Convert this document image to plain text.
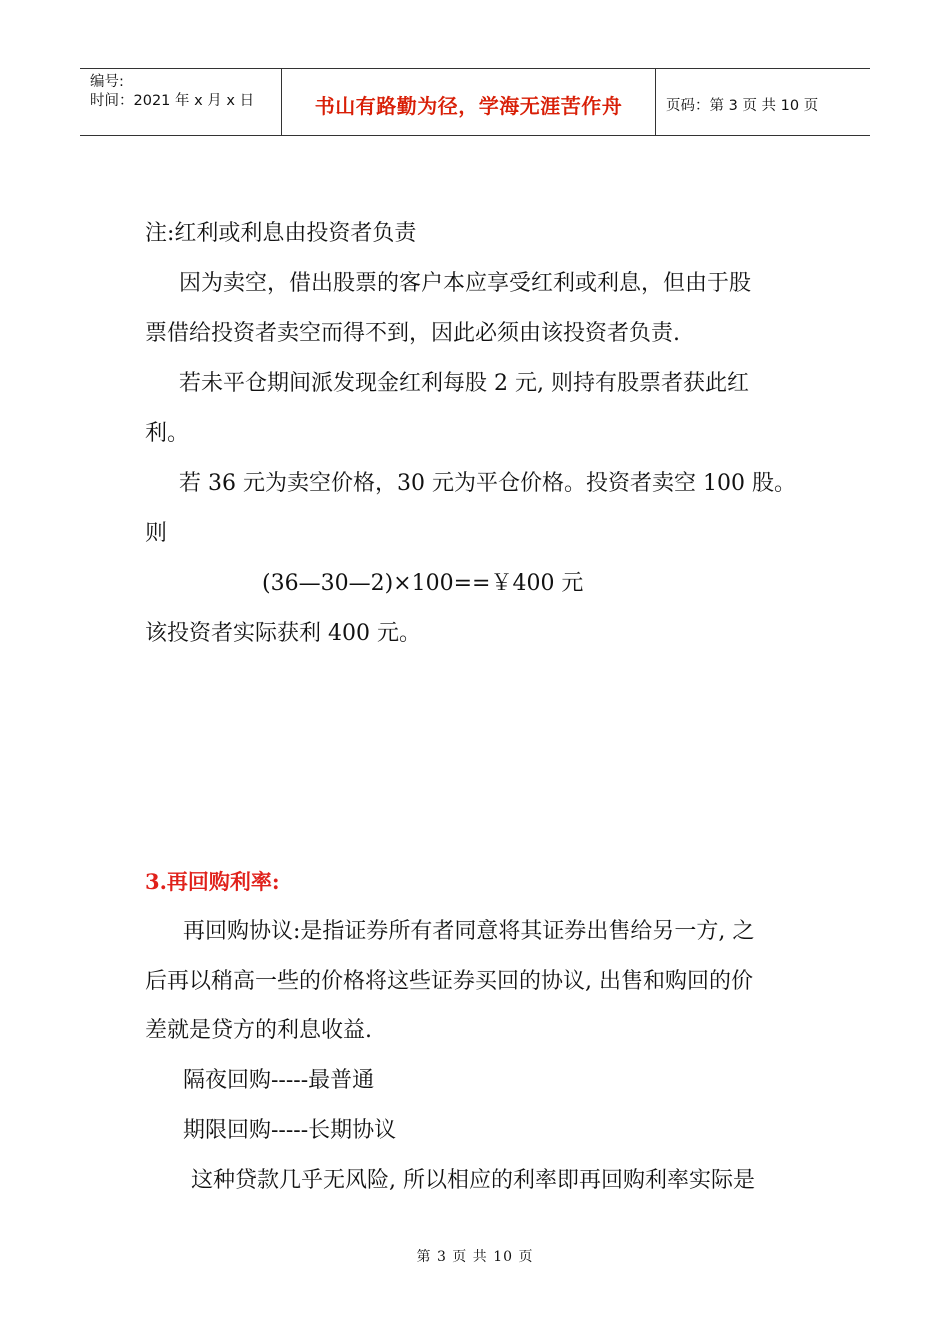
编号:
时间：2021 年 x 月 x 日	书山有路勤为径，学海无涯苦作舟	页码：第 3 页 共 10 页

注:红利或利息由投资者负责

因为卖空，借出股票的客户本应享受红利或利息，但由于股

票借给投资者卖空而得不到，因此必须由该投资者负责.

若未平仓期间派发现金红利每股 2 元, 则持有股票者获此红

利。

若 36 元为卖空价格，30 元为平仓价格。投资者卖空 100 股。

则

(36—30—2)×100==￥400 元

该投资者实际获利 400 元。

3.再回购利率:

再回购协议:是指证券所有者同意将其证券出售给另一方, 之

后再以稍高一些的价格将这些证券买回的协议, 出售和购回的价

差就是贷方的利息收益.

隔夜回购-----最普通

期限回购-----长期协议

这种贷款几乎无风险, 所以相应的利率即再回购利率实际是

第 3 页 共 10 页
